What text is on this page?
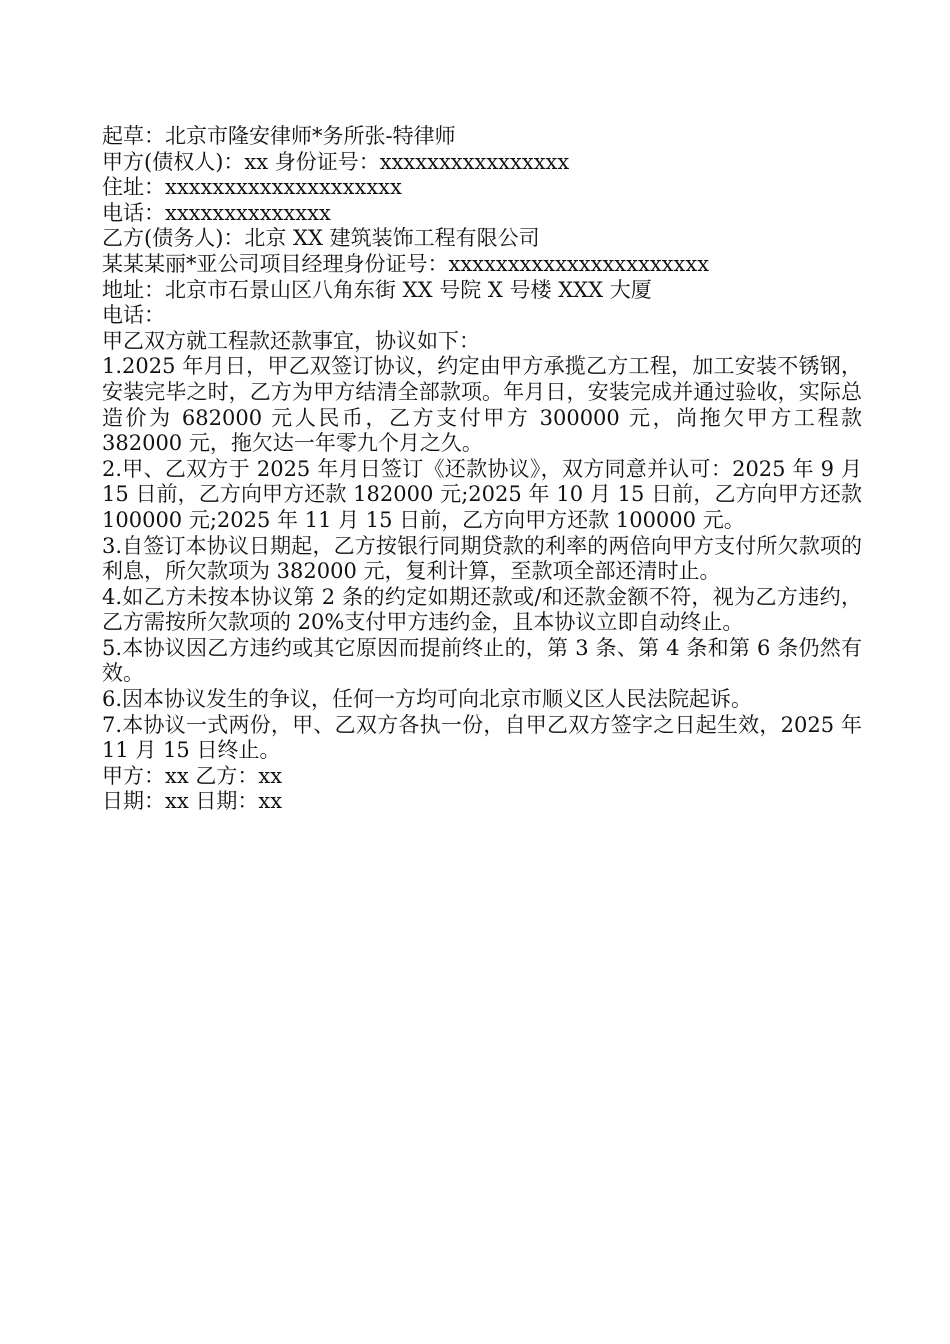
起草：北京市隆安律师*务所张-特律师

甲方(债权人)：xx 身份证号：xxxxxxxxxxxxxxxx

住址：xxxxxxxxxxxxxxxxxxxx

电话：xxxxxxxxxxxxxx

乙方(债务人)：北京 XX 建筑装饰工程有限公司

某某某丽*亚公司项目经理身份证号：xxxxxxxxxxxxxxxxxxxxxx

地址：北京市石景山区八角东街 XX 号院 X 号楼 XXX 大厦

电话：

甲乙双方就工程款还款事宜，协议如下：

1.2025 年月日，甲乙双签订协议，约定由甲方承揽乙方工程，加工安装不锈钢，安装完毕之时，乙方为甲方结清全部款项。年月日，安装完成并通过验收，实际总造价为 682000 元人民币，乙方支付甲方 300000 元，尚拖欠甲方工程款 382000 元，拖欠达一年零九个月之久。

2.甲、乙双方于 2025 年月日签订《还款协议》，双方同意并认可：2025 年 9 月 15 日前，乙方向甲方还款 182000 元;2025 年 10 月 15 日前，乙方向甲方还款 100000 元;2025 年 11 月 15 日前，乙方向甲方还款 100000 元。

3.自签订本协议日期起，乙方按银行同期贷款的利率的两倍向甲方支付所欠款项的利息，所欠款项为 382000 元，复利计算，至款项全部还清时止。

4.如乙方未按本协议第 2 条的约定如期还款或/和还款金额不符，视为乙方违约，乙方需按所欠款项的 20%支付甲方违约金，且本协议立即自动终止。

5.本协议因乙方违约或其它原因而提前终止的，第 3 条、第 4 条和第 6 条仍然有效。

6.因本协议发生的争议，任何一方均可向北京市顺义区人民法院起诉。

7.本协议一式两份，甲、乙双方各执一份，自甲乙双方签字之日起生效，2025 年 11 月 15 日终止。

甲方：xx 乙方：xx

日期：xx 日期：xx
